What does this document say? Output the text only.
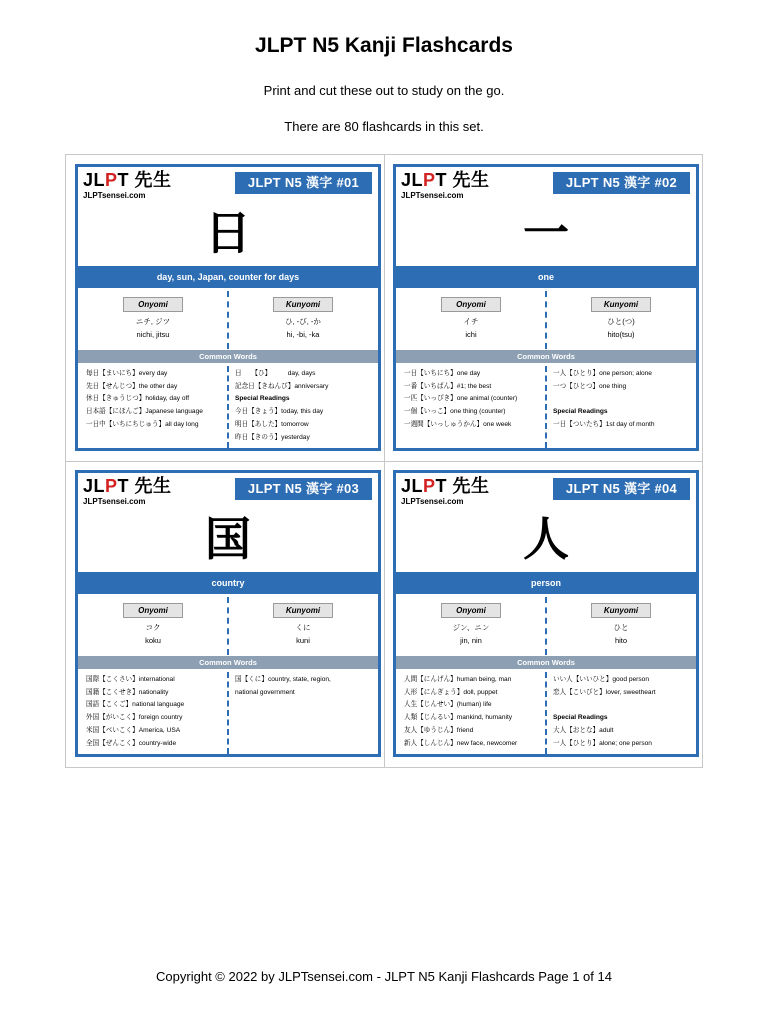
JLPT N5 Kanji Flashcards
Print and cut these out to study on the go.
There are 80 flashcards in this set.
JLPT 先生
JLPTsensei.com
JLPT N5 漢字 #01
日
day, sun, Japan, counter for days
Onyomi
ニチ, ジツ
nichi, jitsu
Kunyomi
ひ, -び, -か
hi, -bi, -ka
Common Words
毎日【まいにち】every day
先日【せんじつ】the other day
休日【きゅうじつ】holiday, day off
日本語【にほんご】Japanese language
一日中【いちにちじゅう】all day long
日　　【ひ】　　　day, days
記念日【きねんび】anniversary
Special Readings
今日【きょう】today, this day
明日【あした】tomorrow
昨日【きのう】yesterday
JLPT 先生
JLPTsensei.com
JLPT N5 漢字 #02
一
one
Onyomi
イチ
ichi
Kunyomi
ひと(つ)
hito(tsu)
Common Words
一日【いちにち】one day
一番【いちばん】#1; the best
一匹【いっぴき】one animal (counter)
一個【いっこ】one thing (counter)
一週間【いっしゅうかん】one week
一人【ひとり】one person; alone
一つ【ひとつ】one thing

Special Readings
一日【ついたち】1st day of month
JLPT 先生
JLPTsensei.com
JLPT N5 漢字 #03
国
country
Onyomi
コク
koku
Kunyomi
くに
kuni
Common Words
国際【こくさい】international
国籍【こくせき】nationality
国語【こくご】national language
外国【がいこく】foreign country
米国【べいこく】America, USA
全国【ぜんこく】country-wide
国【くに】country, state, region,
national government
JLPT 先生
JLPTsensei.com
JLPT N5 漢字 #04
人
person
Onyomi
ジン、ニン
jin, nin
Kunyomi
ひと
hito
Common Words
人間【にんげん】human being, man
人形【にんぎょう】doll, puppet
人生【じんせい】(human) life
人類【じんるい】mankind, humanity
友人【ゆうじん】friend
新人【しんじん】new face, newcomer
いい人【いいひと】good person
恋人【こいびと】lover, sweetheart

Special Readings
大人【おとな】adult
一人【ひとり】alone; one person
Copyright © 2022 by JLPTsensei.com - JLPT N5 Kanji Flashcards Page 1 of 14
